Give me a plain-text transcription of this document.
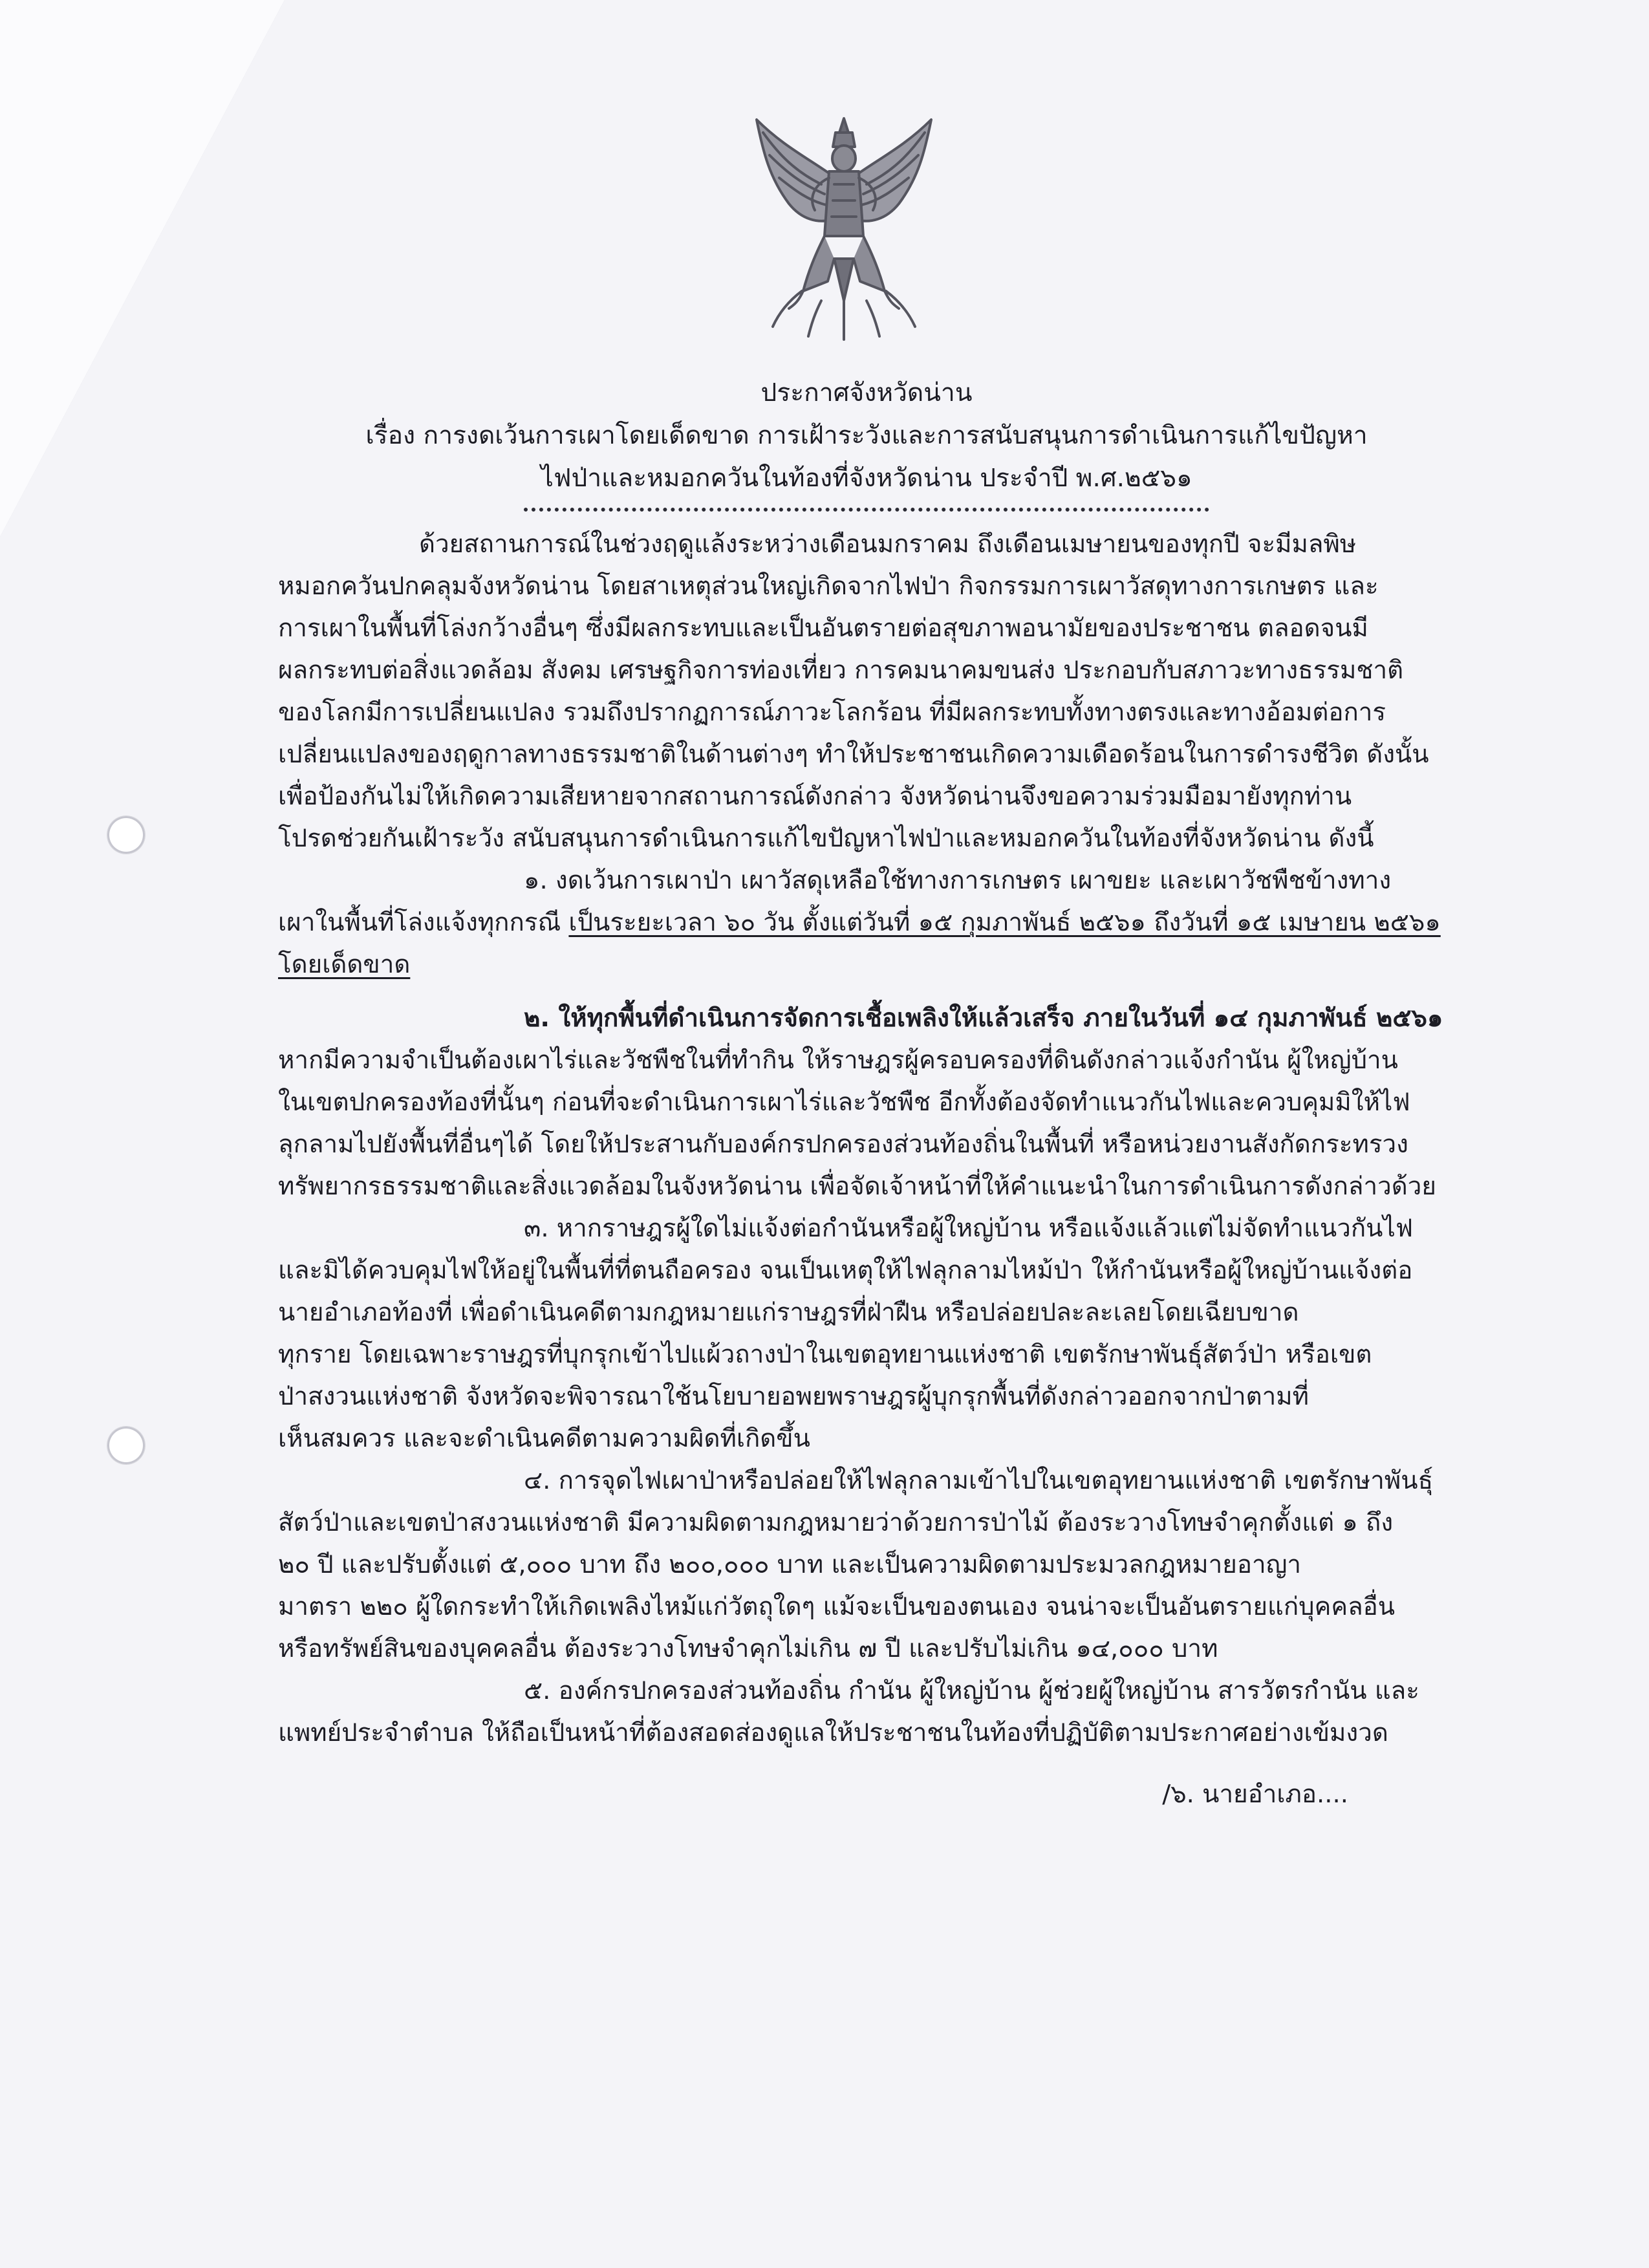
ประกาศจังหวัดน่าน
เรื่อง การงดเว้นการเผาโดยเด็ดขาด การเฝ้าระวังและการสนับสนุนการดำเนินการแก้ไขปัญหา
ไฟป่าและหมอกควันในท้องที่จังหวัดน่าน ประจำปี พ.ศ.๒๕๖๑

ด้วยสถานการณ์ในช่วงฤดูแล้งระหว่างเดือนมกราคม ถึงเดือนเมษายนของทุกปี จะมีมลพิษ

หมอกควันปกคลุมจังหวัดน่าน โดยสาเหตุส่วนใหญ่เกิดจากไฟป่า กิจกรรมการเผาวัสดุทางการเกษตร และ

การเผาในพื้นที่โล่งกว้างอื่นๆ ซึ่งมีผลกระทบและเป็นอันตรายต่อสุขภาพอนามัยของประชาชน ตลอดจนมี

ผลกระทบต่อสิ่งแวดล้อม สังคม เศรษฐกิจการท่องเที่ยว การคมนาคมขนส่ง ประกอบกับสภาวะทางธรรมชาติ

ของโลกมีการเปลี่ยนแปลง รวมถึงปรากฏการณ์ภาวะโลกร้อน ที่มีผลกระทบทั้งทางตรงและทางอ้อมต่อการ

เปลี่ยนแปลงของฤดูกาลทางธรรมชาติในด้านต่างๆ ทำให้ประชาชนเกิดความเดือดร้อนในการดำรงชีวิต ดังนั้น

เพื่อป้องกันไม่ให้เกิดความเสียหายจากสถานการณ์ดังกล่าว จังหวัดน่านจึงขอความร่วมมือมายังทุกท่าน

โปรดช่วยกันเฝ้าระวัง สนับสนุนการดำเนินการแก้ไขปัญหาไฟป่าและหมอกควันในท้องที่จังหวัดน่าน ดังนี้

๑. งดเว้นการเผาป่า เผาวัสดุเหลือใช้ทางการเกษตร เผาขยะ และเผาวัชพืชข้างทาง

เผาในพื้นที่โล่งแจ้งทุกกรณี เป็นระยะเวลา ๖๐ วัน ตั้งแต่วันที่ ๑๕ กุมภาพันธ์ ๒๕๖๑ ถึงวันที่ ๑๕ เมษายน ๒๕๖๑

โดยเด็ดขาด

๒. ให้ทุกพื้นที่ดำเนินการจัดการเชื้อเพลิงให้แล้วเสร็จ ภายในวันที่ ๑๔ กุมภาพันธ์ ๒๕๖๑

หากมีความจำเป็นต้องเผาไร่และวัชพืชในที่ทำกิน ให้ราษฎรผู้ครอบครองที่ดินดังกล่าวแจ้งกำนัน ผู้ใหญ่บ้าน

ในเขตปกครองท้องที่นั้นๆ ก่อนที่จะดำเนินการเผาไร่และวัชพืช อีกทั้งต้องจัดทำแนวกันไฟและควบคุมมิให้ไฟ

ลุกลามไปยังพื้นที่อื่นๆได้ โดยให้ประสานกับองค์กรปกครองส่วนท้องถิ่นในพื้นที่ หรือหน่วยงานสังกัดกระทรวง

ทรัพยากรธรรมชาติและสิ่งแวดล้อมในจังหวัดน่าน เพื่อจัดเจ้าหน้าที่ให้คำแนะนำในการดำเนินการดังกล่าวด้วย

๓. หากราษฎรผู้ใดไม่แจ้งต่อกำนันหรือผู้ใหญ่บ้าน หรือแจ้งแล้วแต่ไม่จัดทำแนวกันไฟ

และมิได้ควบคุมไฟให้อยู่ในพื้นที่ที่ตนถือครอง จนเป็นเหตุให้ไฟลุกลามไหม้ป่า ให้กำนันหรือผู้ใหญ่บ้านแจ้งต่อ

นายอำเภอท้องที่ เพื่อดำเนินคดีตามกฎหมายแก่ราษฎรที่ฝ่าฝืน หรือปล่อยปละละเลยโดยเฉียบขาด

ทุกราย โดยเฉพาะราษฎรที่บุกรุกเข้าไปแผ้วถางป่าในเขตอุทยานแห่งชาติ เขตรักษาพันธุ์สัตว์ป่า หรือเขต

ป่าสงวนแห่งชาติ จังหวัดจะพิจารณาใช้นโยบายอพยพราษฎรผู้บุกรุกพื้นที่ดังกล่าวออกจากป่าตามที่

เห็นสมควร และจะดำเนินคดีตามความผิดที่เกิดขึ้น

๔. การจุดไฟเผาป่าหรือปล่อยให้ไฟลุกลามเข้าไปในเขตอุทยานแห่งชาติ เขตรักษาพันธุ์

สัตว์ป่าและเขตป่าสงวนแห่งชาติ มีความผิดตามกฎหมายว่าด้วยการป่าไม้ ต้องระวางโทษจำคุกตั้งแต่ ๑ ถึง

๒๐ ปี และปรับตั้งแต่ ๕,๐๐๐ บาท ถึง ๒๐๐,๐๐๐ บาท และเป็นความผิดตามประมวลกฎหมายอาญา

มาตรา ๒๒๐ ผู้ใดกระทำให้เกิดเพลิงไหม้แก่วัตถุใดๆ แม้จะเป็นของตนเอง จนน่าจะเป็นอันตรายแก่บุคคลอื่น

หรือทรัพย์สินของบุคคลอื่น ต้องระวางโทษจำคุกไม่เกิน ๗ ปี และปรับไม่เกิน ๑๔,๐๐๐ บาท

๕. องค์กรปกครองส่วนท้องถิ่น กำนัน ผู้ใหญ่บ้าน ผู้ช่วยผู้ใหญ่บ้าน สารวัตรกำนัน และ

แพทย์ประจำตำบล ให้ถือเป็นหน้าที่ต้องสอดส่องดูแลให้ประชาชนในท้องที่ปฏิบัติตามประกาศอย่างเข้มงวด

/๖. นายอำเภอ....
